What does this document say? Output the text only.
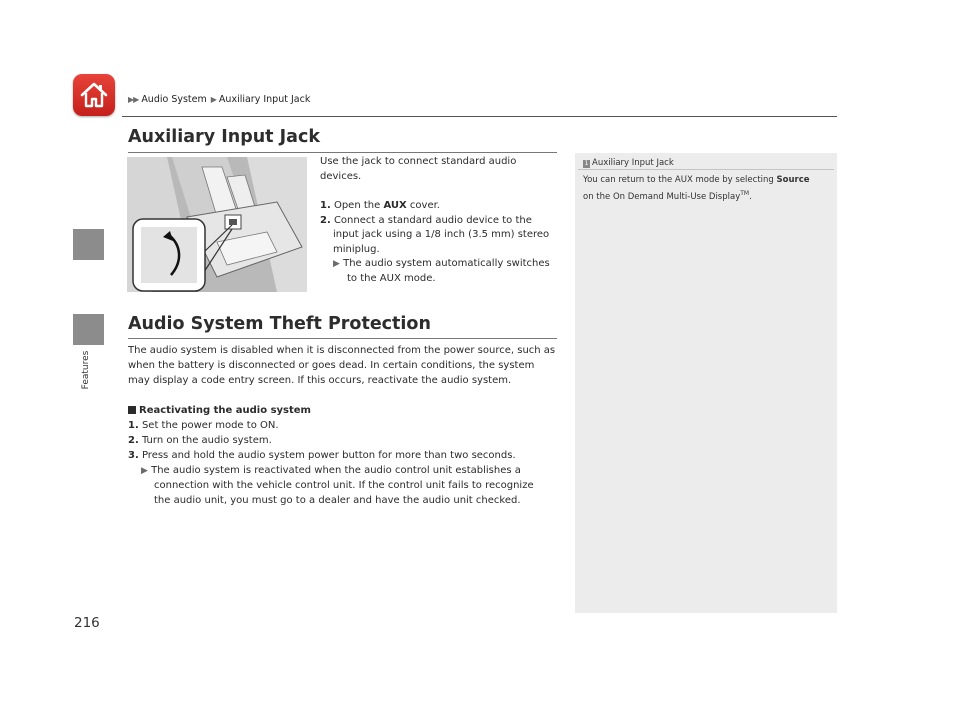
▶▶ Audio System ▶ Auxiliary Input Jack
Features
Auxiliary Input Jack
Use the jack to connect standard audio
devices.
1. Open the AUX cover.
2. Connect a standard audio device to the
input jack using a 1/8 inch (3.5 mm) stereo
miniplug.
▶ The audio system automatically switches
to the AUX mode.
Audio System Theft Protection
The audio system is disabled when it is disconnected from the power source, such as
when the battery is disconnected or goes dead. In certain conditions, the system
may display a code entry screen. If this occurs, reactivate the audio system.
Reactivating the audio system
1. Set the power mode to ON.
2. Turn on the audio system.
3. Press and hold the audio system power button for more than two seconds.
▶ The audio system is reactivated when the audio control unit establishes a
connection with the vehicle control unit. If the control unit fails to recognize
the audio unit, you must go to a dealer and have the audio unit checked.
1 Auxiliary Input Jack
You can return to the AUX mode by selecting Source
on the On Demand Multi-Use Display™.
216
